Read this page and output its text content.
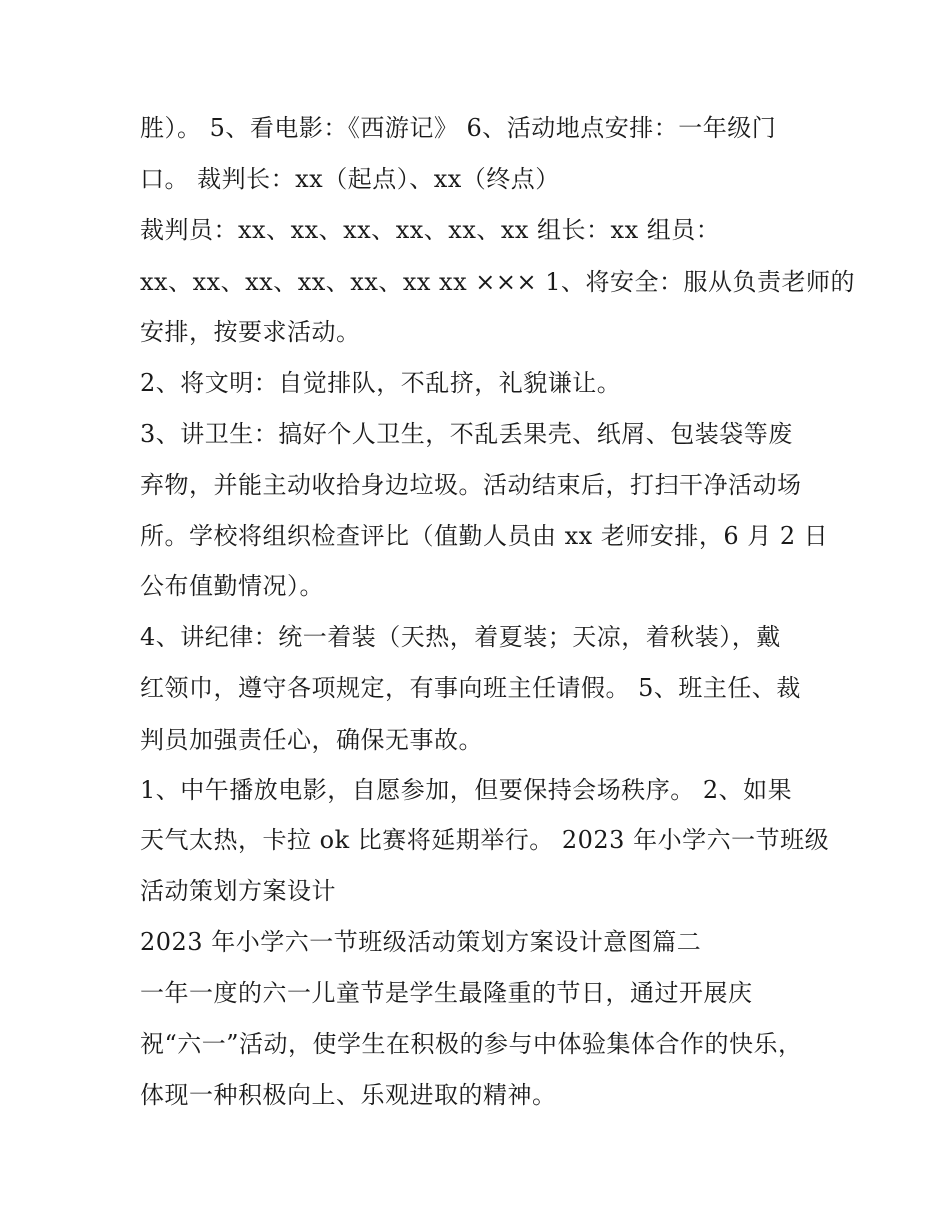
胜）。 5、看电影：《西游记》 6、活动地点安排：一年级门

口。 裁判长：xx（起点）、xx（终点）

裁判员：xx、xx、xx、xx、xx、xx 组长：xx 组员：

xx、xx、xx、xx、xx、xx xx ××× 1、将安全：服从负责老师的

安排，按要求活动。

2、将文明：自觉排队，不乱挤，礼貌谦让。

3、讲卫生：搞好个人卫生，不乱丢果壳、纸屑、包装袋等废

弃物，并能主动收拾身边垃圾。活动结束后，打扫干净活动场

所。学校将组织检查评比（值勤人员由 xx 老师安排，6 月 2 日

公布值勤情况）。

4、讲纪律：统一着装（天热，着夏装；天凉，着秋装），戴

红领巾，遵守各项规定，有事向班主任请假。 5、班主任、裁

判员加强责任心，确保无事故。

1、中午播放电影，自愿参加，但要保持会场秩序。 2、如果

天气太热，卡拉 ok 比赛将延期举行。 2023 年小学六一节班级

活动策划方案设计

2023 年小学六一节班级活动策划方案设计意图篇二

一年一度的六一儿童节是学生最隆重的节日，通过开展庆

祝“六一”活动，使学生在积极的参与中体验集体合作的快乐，

体现一种积极向上、乐观进取的精神。
